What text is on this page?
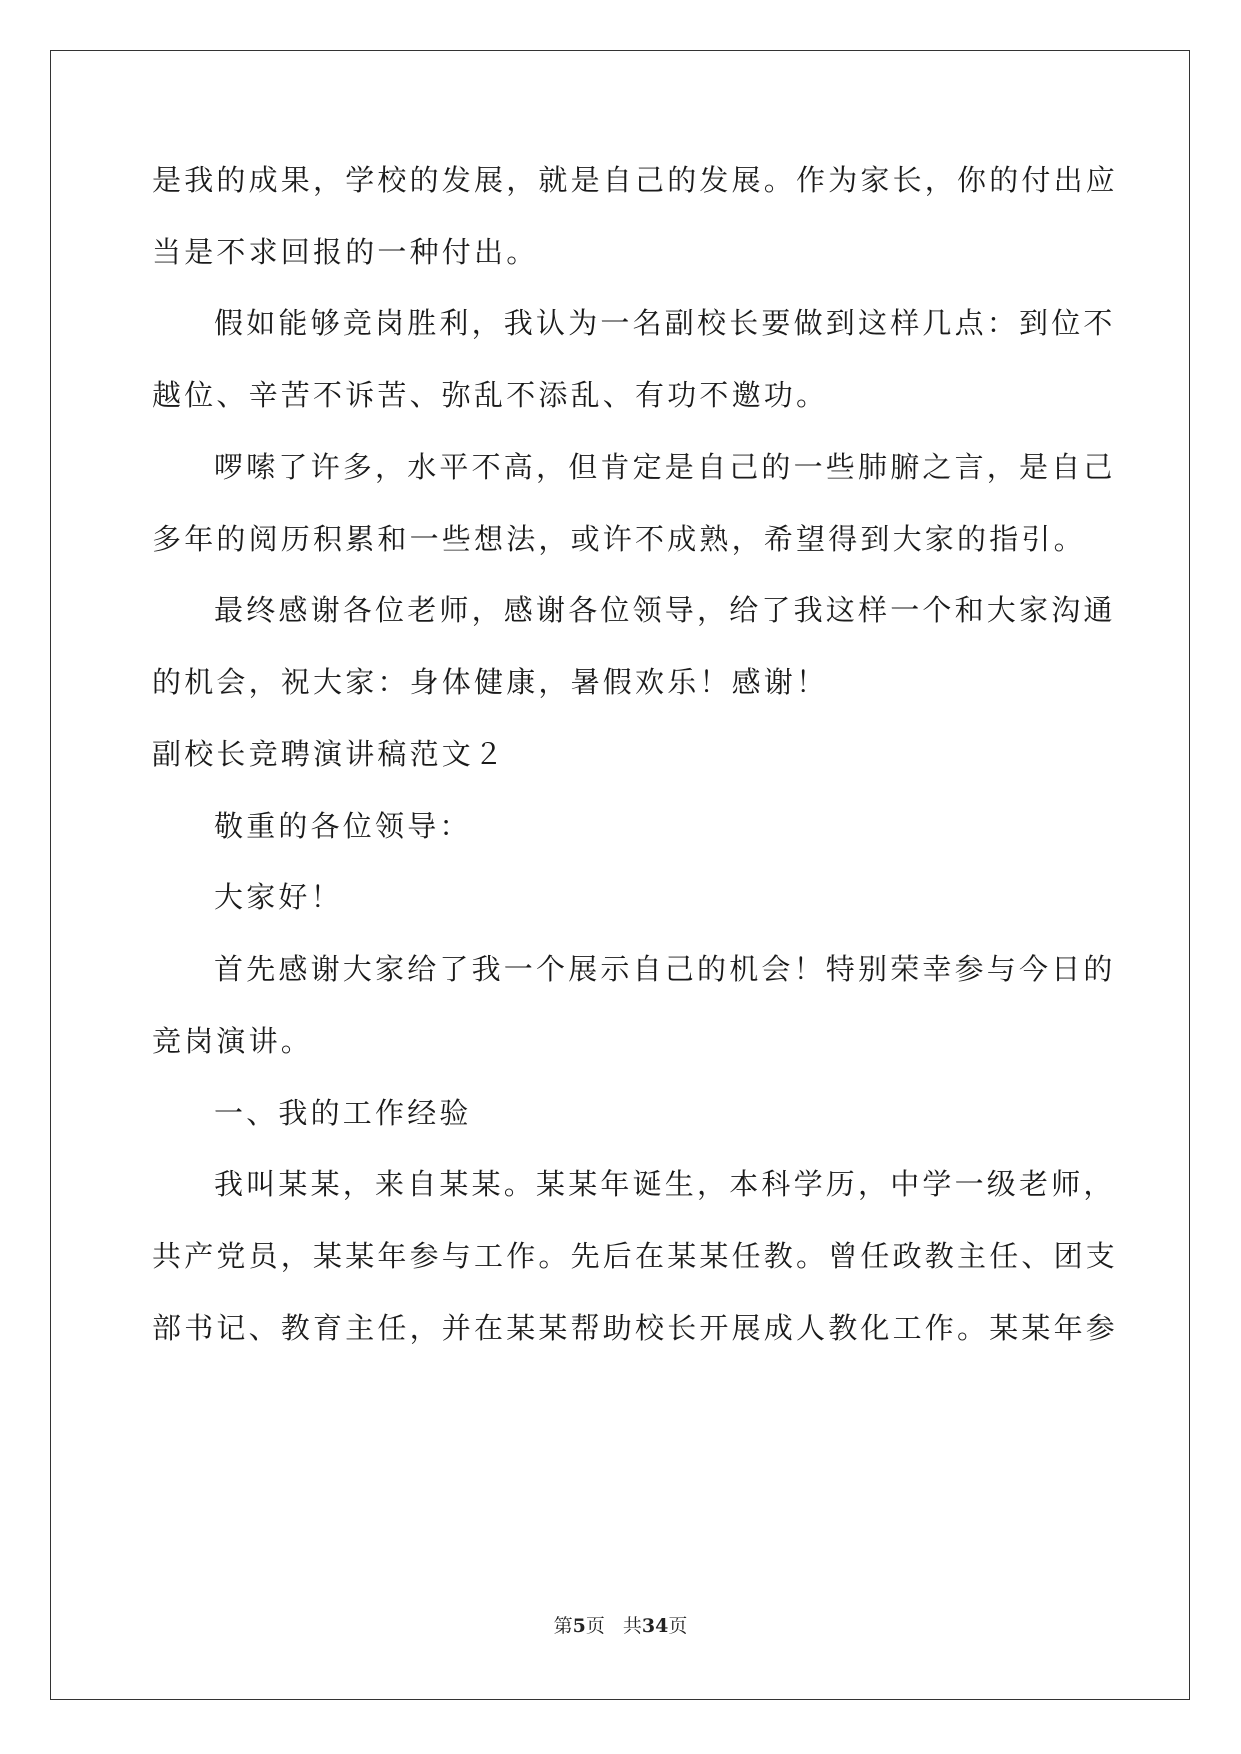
是我的成果，学校的发展，就是自己的发展。作为家长，你的付出应
当是不求回报的一种付出。
假如能够竞岗胜利，我认为一名副校长要做到这样几点：到位不
越位、辛苦不诉苦、弥乱不添乱、有功不邀功。
啰嗦了许多，水平不高，但肯定是自己的一些肺腑之言，是自己
多年的阅历积累和一些想法，或许不成熟，希望得到大家的指引。
最终感谢各位老师，感谢各位领导，给了我这样一个和大家沟通
的机会，祝大家：身体健康，暑假欢乐！感谢！
副校长竞聘演讲稿范文２
敬重的各位领导：
大家好！
首先感谢大家给了我一个展示自己的机会！特别荣幸参与今日的
竞岗演讲。
一、我的工作经验
我叫某某，来自某某。某某年诞生，本科学历，中学一级老师，
共产党员，某某年参与工作。先后在某某任教。曾任政教主任、团支
部书记、教育主任，并在某某帮助校长开展成人教化工作。某某年参
第5页 共34页
